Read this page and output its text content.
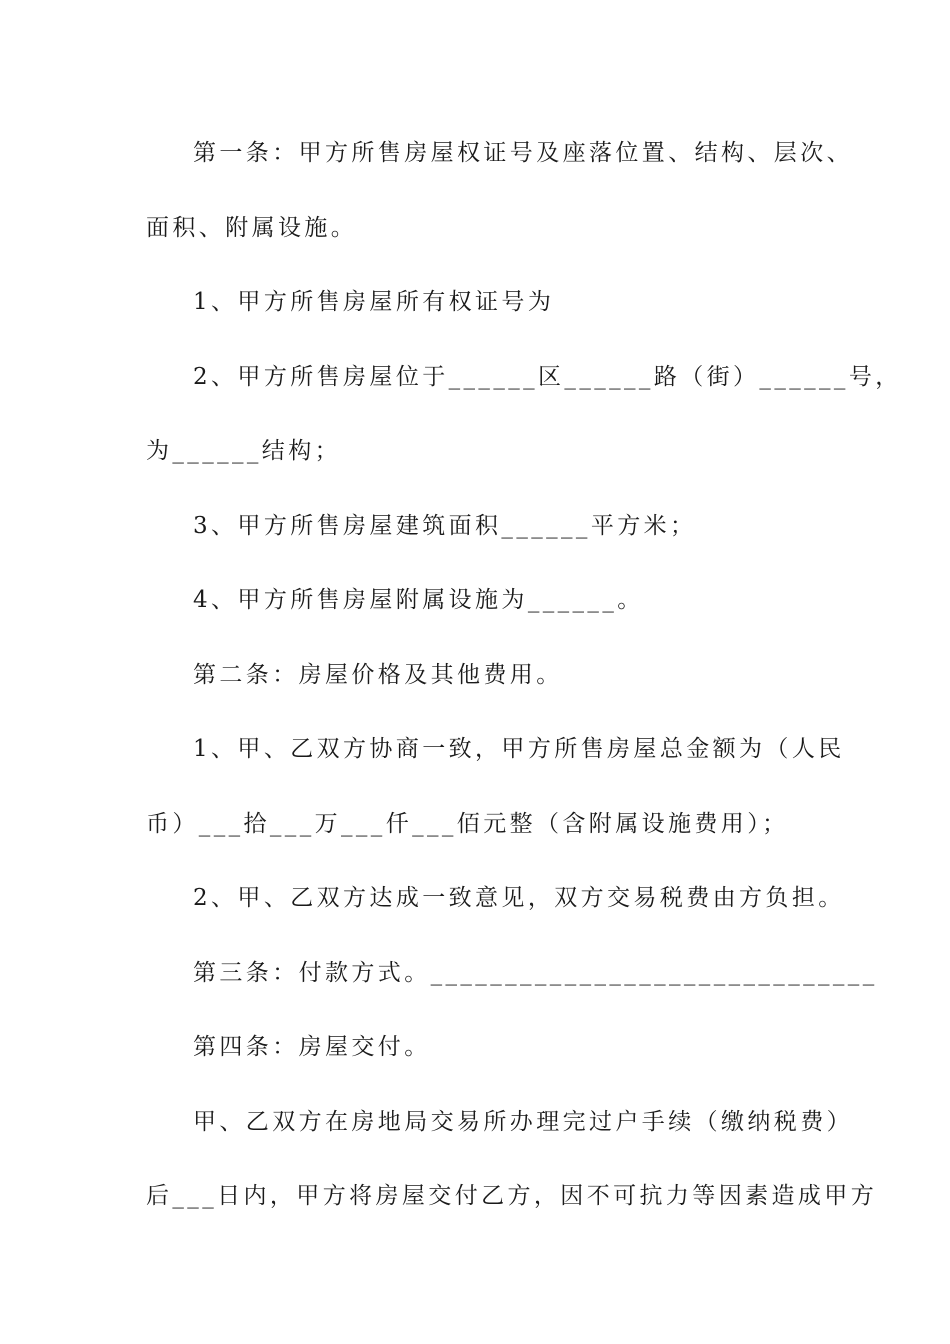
第一条：甲方所售房屋权证号及座落位置、结构、层次、
面积、附属设施。
1、甲方所售房屋所有权证号为
2、甲方所售房屋位于______区______路（街）______号，
为______结构；
3、甲方所售房屋建筑面积______平方米；
4、甲方所售房屋附属设施为______。
第二条：房屋价格及其他费用。
1、甲、乙双方协商一致，甲方所售房屋总金额为（人民
币）___拾___万___仟___佰元整（含附属设施费用）；
2、甲、乙双方达成一致意见，双方交易税费由方负担。
第三条：付款方式。______________________________
第四条：房屋交付。
甲、乙双方在房地局交易所办理完过户手续（缴纳税费）
后___日内，甲方将房屋交付乙方，因不可抗力等因素造成甲方
